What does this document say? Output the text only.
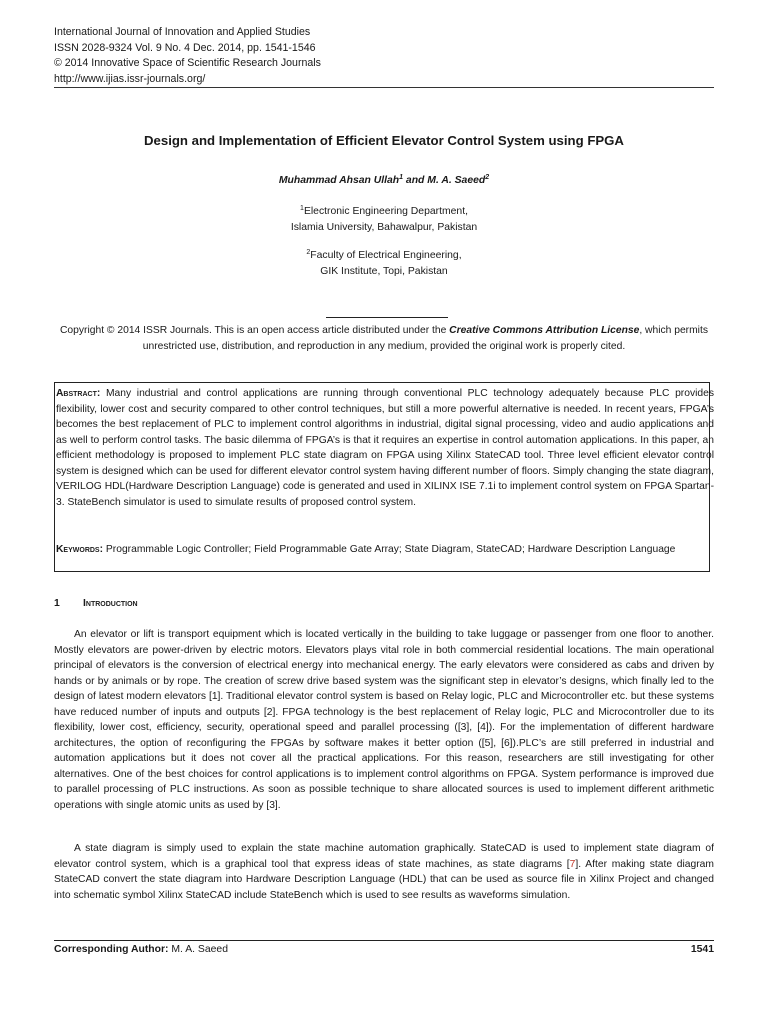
International Journal of Innovation and Applied Studies
ISSN 2028-9324 Vol. 9 No. 4 Dec. 2014, pp. 1541-1546
© 2014 Innovative Space of Scientific Research Journals
http://www.ijias.issr-journals.org/
Design and Implementation of Efficient Elevator Control System using FPGA
Muhammad Ahsan Ullah$^1$ and M. A. Saeed$^2$
$^1$Electronic Engineering Department,
Islamia University, Bahawalpur, Pakistan
$^2$Faculty of Electrical Engineering,
GIK Institute, Topi, Pakistan
Copyright © 2014 ISSR Journals. This is an open access article distributed under the Creative Commons Attribution License, which permits unrestricted use, distribution, and reproduction in any medium, provided the original work is properly cited.
Abstract: Many industrial and control applications are running through conventional PLC technology adequately because PLC provides flexibility, lower cost and security compared to other control techniques, but still a more powerful alternative is needed. In recent years, FPGA’s becomes the best replacement of PLC to implement control algorithms in industrial, digital signal processing, video and audio applications and as well to perform control tasks. The basic dilemma of FPGA’s is that it requires an expertise in control automation applications. In this paper, an efficient methodology is proposed to implement PLC state diagram on FPGA using Xilinx StateCAD tool. Three level efficient elevator control system is designed which can be used for different elevator control system having different number of floors. Simply changing the state diagram, VERILOG HDL(Hardware Description Language) code is generated and used in XILINX ISE 7.1i to implement control system on FPGA Spartan-3. StateBench simulator is used to simulate results of proposed control system.
Keywords: Programmable Logic Controller; Field Programmable Gate Array; State Diagram, StateCAD; Hardware Description Language
1 Introduction
An elevator or lift is transport equipment which is located vertically in the building to take luggage or passenger from one floor to another. Mostly elevators are power-driven by electric motors. Elevators plays vital role in both commercial residential locations. The main operational principal of elevators is the conversion of electrical energy into mechanical energy. The early elevators were considered as cabs and driven by hands or by animals or by rope. The creation of screw drive based system was the significant step in elevator’s designs, which finally led to the design of latest modern elevators [1]. Traditional elevator control system is based on Relay logic, PLC and Microcontroller etc. but these systems have reduced number of inputs and outputs [2]. FPGA technology is the best replacement of Relay logic, PLC and Microcontroller due to its flexibility, lower cost, efficiency, security, operational speed and parallel processing ([3], [4]). For the implementation of different hardware architectures, the option of reconfiguring the FPGAs by software makes it better option ([5], [6]).PLC’s are still preferred in industrial and automation applications but it does not cover all the practical applications. For this reason, researchers are still investigating for other alternatives. One of the best choices for control applications is to implement control algorithms on FPGA. System performance is improved due to parallel processing of PLC instructions. As soon as possible technique to share allocated sources is used to implement different arithmetic operations with single atomic units as used by [3].
A state diagram is simply used to explain the state machine automation graphically. StateCAD is used to implement state diagram of elevator control system, which is a graphical tool that express ideas of state machines, as state diagrams [7]. After making state diagram StateCAD convert the state diagram into Hardware Description Language (HDL) that can be used as source file in Xilinx Project and changed into schematic symbol Xilinx StateCAD include StateBench which is used to see results as waveforms simulation.
Corresponding Author: M. A. Saeed	1541
